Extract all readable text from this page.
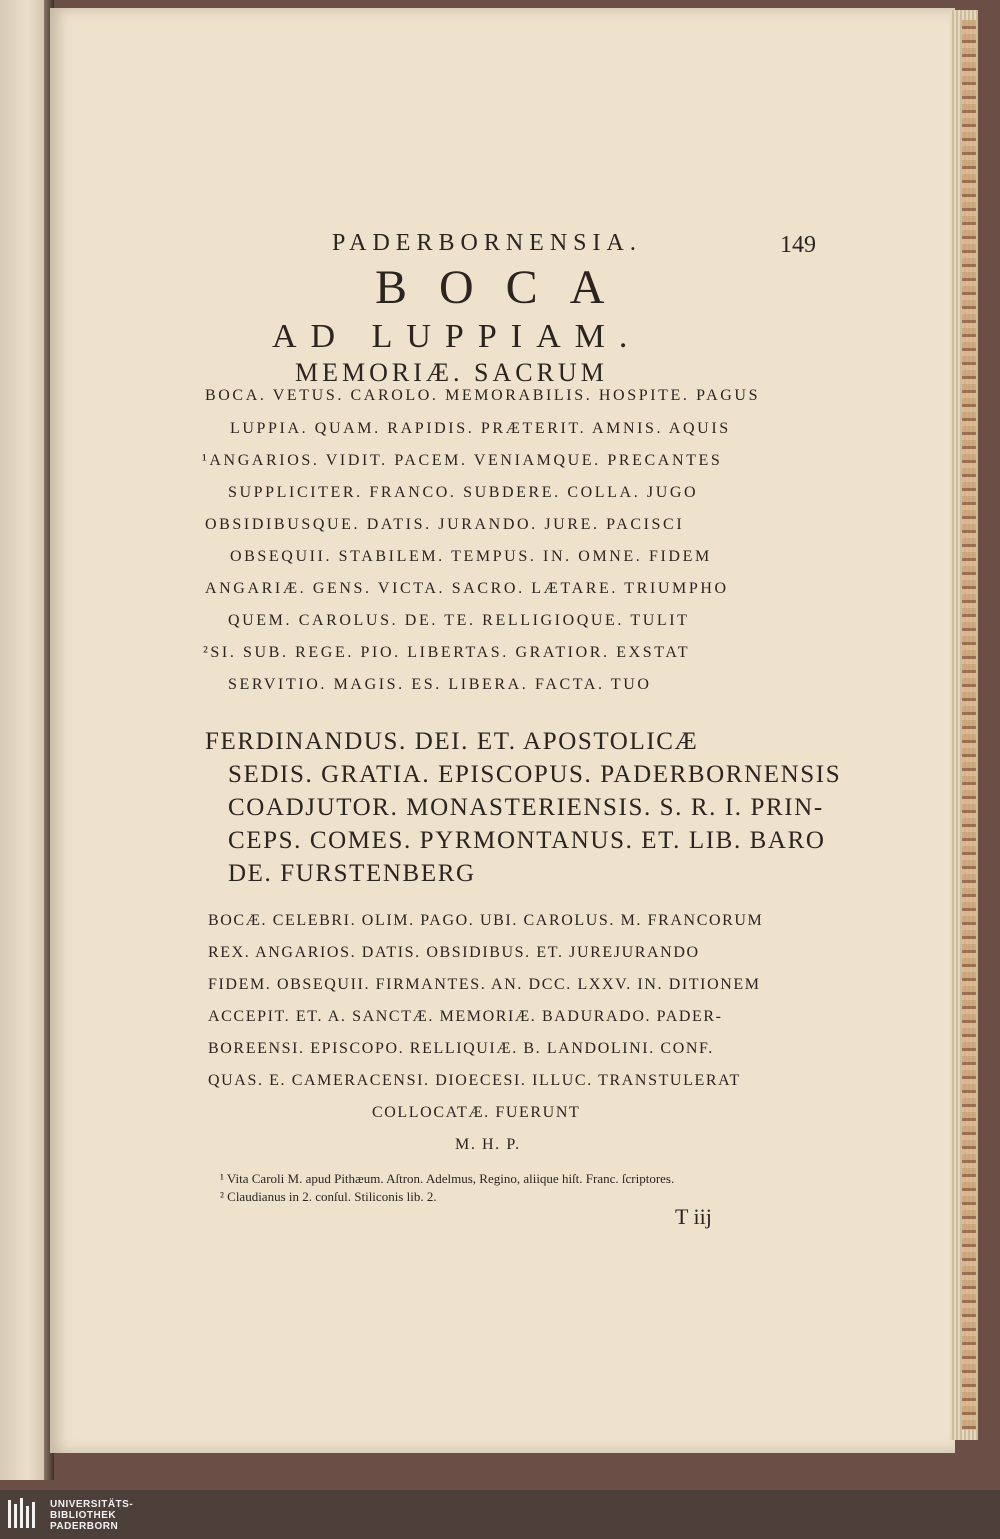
PADERBORNENSIA.	149
BOCA
AD LUPPIAM.
MEMORIÆ. SACRUM
BOCA. VETUS. CAROLO. MEMORABILIS. HOSPITE. PAGUS
LUPPIA. QUAM. RAPIDIS. PRÆTERIT. AMNIS. AQUIS
¹ANGARIOS. VIDIT. PACEM. VENIAMQUE. PRECANTES
SUPPLICITER. FRANCO. SUBDERE. COLLA. JUGO
OBSIDIBUSQUE. DATIS. JURANDO. JURE. PACISCI
OBSEQUII. STABILEM. TEMPUS. IN. OMNE. FIDEM
ANGARIÆ. GENS. VICTA. SACRO. LÆTARE. TRIUMPHO
QUEM. CAROLUS. DE. TE. RELLIGIOQUE. TULIT
²SI. SUB. REGE. PIO. LIBERTAS. GRATIOR. EXSTAT
SERVITIO. MAGIS. ES. LIBERA. FACTA. TUO
FERDINANDUS. DEI. ET. APOSTOLICÆ
SEDIS. GRATIA. EPISCOPUS. PADERBORNENSIS
COADJUTOR. MONASTERIENSIS. S. R. I. PRIN-
CEPS. COMES. PYRMONTANUS. ET. LIB. BARO
DE. FURSTENBERG
BOCÆ. CELEBRI. OLIM. PAGO. UBI. CAROLUS. M. FRANCORUM
REX. ANGARIOS. DATIS. OBSIDIBUS. ET. JUREJURANDO
FIDEM. OBSEQUII. FIRMANTES. AN. DCC. LXXV. IN. DITIONEM
ACCEPIT. ET. A. SANCTÆ. MEMORIÆ. BADURADO. PADER-
BOREENSI. EPISCOPO. RELLIQUIÆ. B. LANDOLINI. CONF.
QUAS. E. CAMERACENSI. DIOECESI. ILLUC. TRANSTULERAT
COLLOCATÆ. FUERUNT
M. H. P.
¹ Vita Caroli M. apud Pithæum. Aſtron. Adelmus, Regino, aliique hiſt. Franc. ſcriptores.
² Claudianus in 2. conſul. Stiliconis lib. 2.
T iij
UNIVERSITÄTS-
BIBLIOTHEK
PADERBORN
